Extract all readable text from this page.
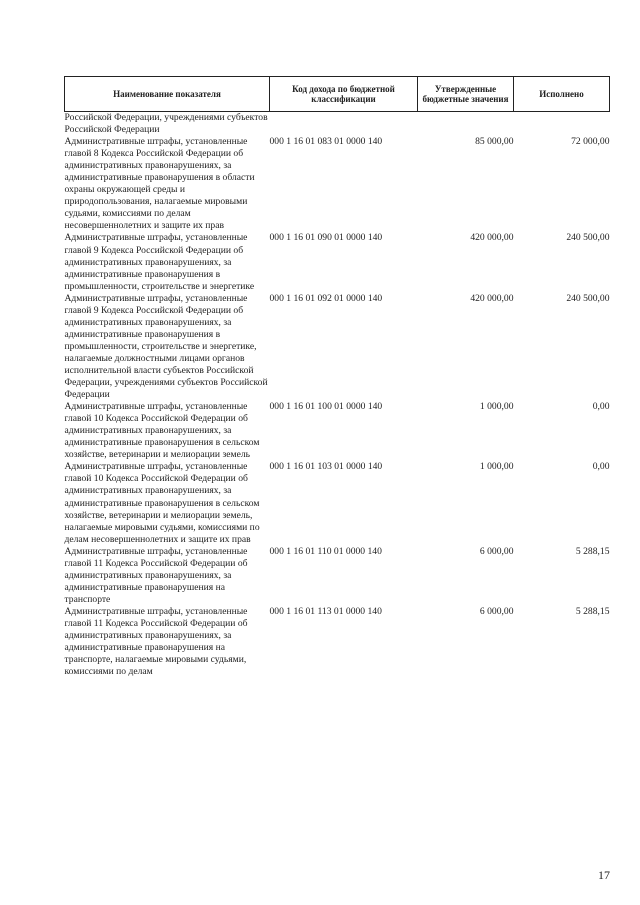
Наименование показателя	Код дохода по бюджетной классификации	Утвержденные бюджетные значения	Исполнено
Российской Федерации, учреждениями субъектов Российской Федерации			
Административные штрафы, установленные главой 8 Кодекса Российской Федерации об административных правонарушениях, за административные правонарушения в области охраны окружающей среды и природопользования, налагаемые мировыми судьями, комиссиями по делам несовершеннолетних и защите их прав	000 1 16 01 083 01 0000 140	85 000,00	72 000,00
Административные штрафы, установленные главой 9 Кодекса Российской Федерации об административных правонарушениях, за административные правонарушения в промышленности, строительстве и энергетике	000 1 16 01 090 01 0000 140	420 000,00	240 500,00
Административные штрафы, установленные главой 9 Кодекса Российской Федерации об административных правонарушениях, за административные правонарушения в промышленности, строительстве и энергетике, налагаемые должностными лицами органов исполнительной власти субъектов Российской Федерации, учреждениями субъектов Российской Федерации	000 1 16 01 092 01 0000 140	420 000,00	240 500,00
Административные штрафы, установленные главой 10 Кодекса Российской Федерации об административных правонарушениях, за административные правонарушения в сельском хозяйстве, ветеринарии и мелиорации земель	000 1 16 01 100 01 0000 140	1 000,00	0,00
Административные штрафы, установленные главой 10 Кодекса Российской Федерации об административных правонарушениях, за административные правонарушения в сельском хозяйстве, ветеринарии и мелиорации земель, налагаемые мировыми судьями, комиссиями по делам несовершеннолетних и защите их прав	000 1 16 01 103 01 0000 140	1 000,00	0,00
Административные штрафы, установленные главой 11 Кодекса Российской Федерации об административных правонарушениях, за административные правонарушения на транспорте	000 1 16 01 110 01 0000 140	6 000,00	5 288,15
Административные штрафы, установленные главой 11 Кодекса Российской Федерации об административных правонарушениях, за административные правонарушения на транспорте, налагаемые мировыми судьями, комиссиями по делам	000 1 16 01 113 01 0000 140	6 000,00	5 288,15
17
